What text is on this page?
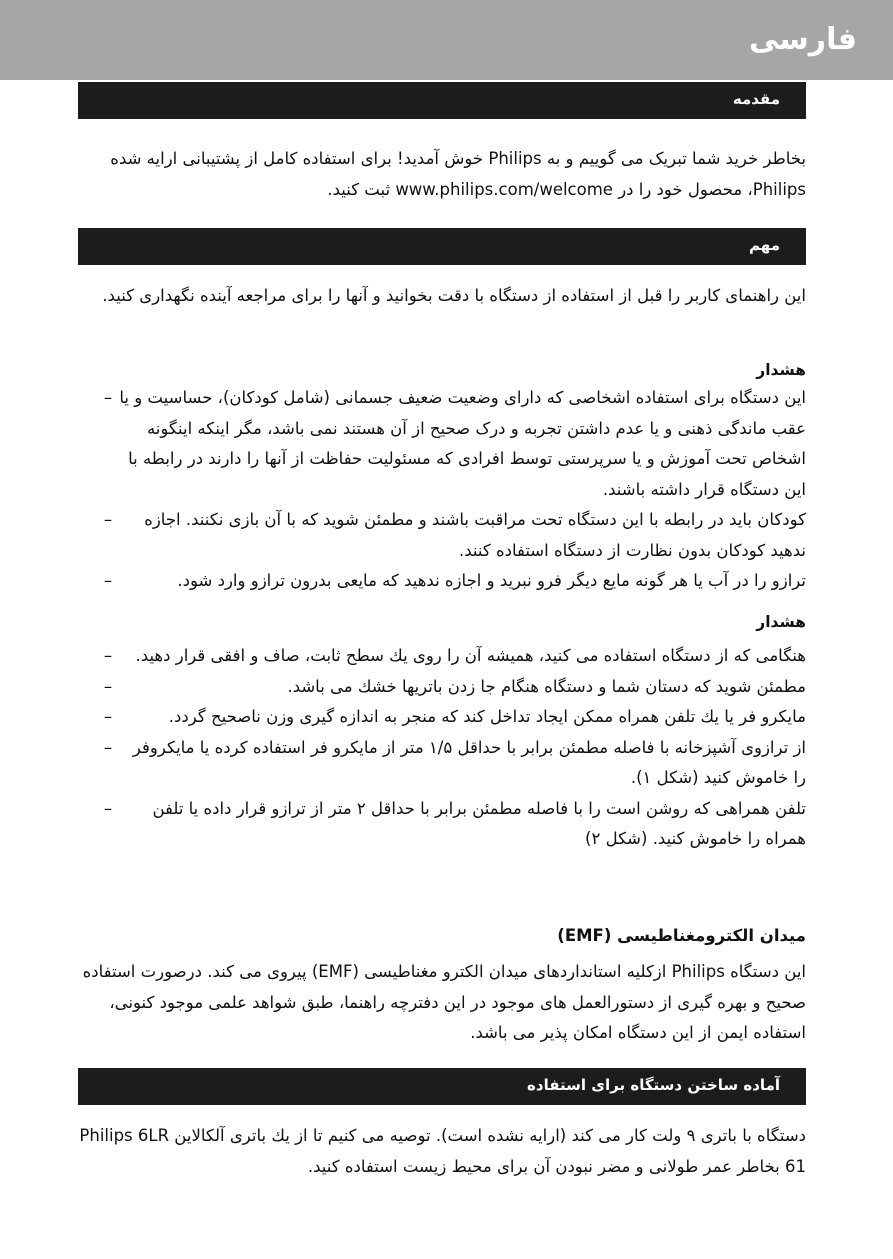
فارسی
مقدمه

بخاطر خرید شما تبریک می گوییم و به Philips خوش آمدید! برای استفاده کامل از پشتیبانی ارایه شده Philips، محصول خود را در www.philips.com/welcome ثبت کنید.

مهم

این راهنمای کاربر را قبل از استفاده از دستگاه با دقت بخوانید و آنها را برای مراجعه آینده نگهداری کنید.

هشدار

– این دستگاه برای استفاده اشخاصی که دارای وضعیت ضعیف جسمانی (شامل کودکان)، حساسیت و یا عقب ماندگی ذهنی و یا عدم داشتن تجربه و درک صحیح از آن هستند نمی باشد، مگر اینکه اینگونه اشخاص تحت آموزش و یا سرپرستی توسط افرادی که مسئولیت حفاظت از آنها را دارند در رابطه با این دستگاه قرار داشته باشند.
–	کودکان باید در رابطه با این دستگاه تحت مراقبت باشند و مطمئن شوید که با آن بازی نکنند. اجازه ندهید کودکان بدون نظارت از دستگاه استفاده کنند.
–	ترازو را در آب یا هر گونه مایع دیگر فرو نبرید و اجازه ندهید که مایعی بدرون ترازو وارد شود.

هشدار

–	هنگامی که از دستگاه استفاده می کنید، همیشه آن را روی یك سطح ثابت، صاف و افقی قرار دهید.
–	مطمئن شوید که دستان شما و دستگاه هنگام جا زدن باتریها خشك می باشد.
–	مایکرو فر یا یك تلفن همراه ممکن ایجاد تداخل کند که منجر به اندازه گیری وزن ناصحیح گردد.
–	از ترازوی آشپزخانه با فاصله مطمئن برابر با حداقل ۱/۵ متر از مایکرو فر استفاده کرده یا مایکروفر را خاموش کنید (شکل ۱).
–	تلفن همراهی که روشن است را با فاصله مطمئن برابر با حداقل ۲ متر از ترازو قرار داده یا تلفن همراه را خاموش کنید. (شکل ۲)

میدان الکترومغناطیسی (EMF)

این دستگاه Philips ازکلیه استانداردهای میدان الکترو مغناطیسی (EMF) پیروی می کند. درصورت استفاده صحیح و بهره گیری از دستورالعمل های موجود در این دفترچه راهنما، طبق شواهد علمی موجود کنونی، استفاده ایمن از این دستگاه امکان پذیر می باشد.

آماده ساختن دستگاه برای استفاده

دستگاه با باتری ۹ ولت کار می کند (ارایه نشده است). توصیه می کنیم تا از یك باتری آلکالاین Philips 6LR 61 بخاطر عمر طولانی و مضر نبودن آن برای محیط زیست استفاده کنید.
